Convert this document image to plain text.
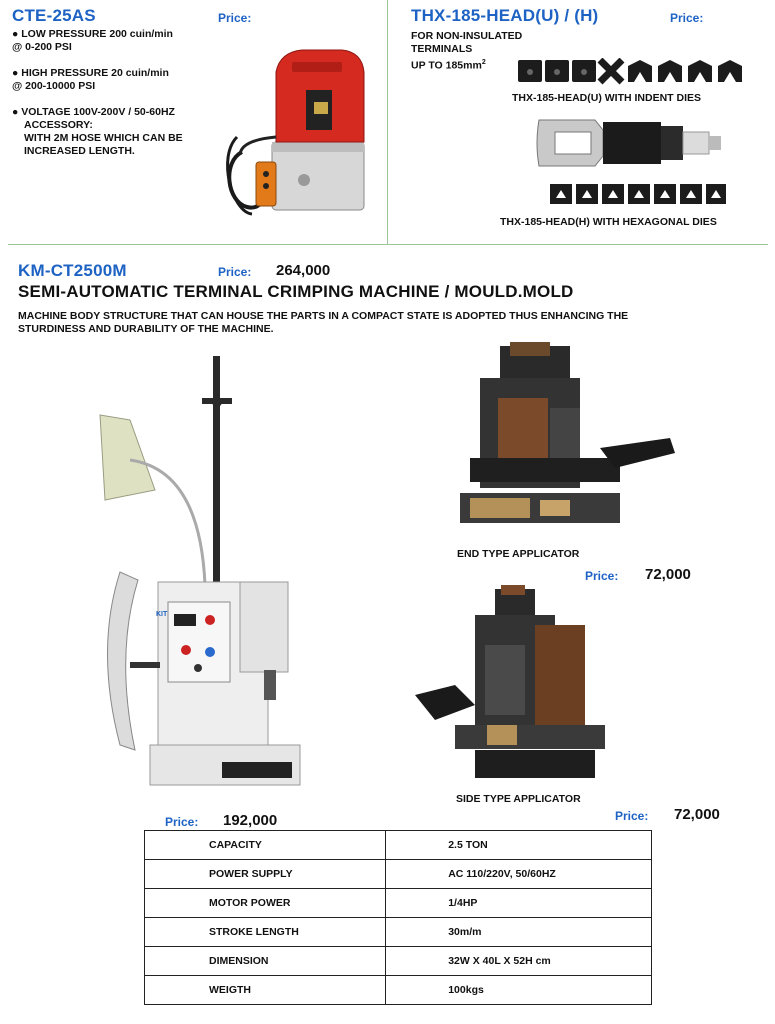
CTE-25AS	Price:
● LOW PRESSURE 200 cuin/min
@ 0-200 PSI
● HIGH PRESSURE 20 cuin/min
@ 200-10000 PSI
● VOLTAGE 100V-200V / 50-60HZ
ACCESSORY:
WITH 2M HOSE WHICH CAN BE
INCREASED LENGTH.
THX-185-HEAD(U) / (H)	Price:
FOR NON-INSULATED
TERMINALS
UP TO $185mm^2$
THX-185-HEAD(U) WITH INDENT DIES
THX-185-HEAD(H) WITH HEXAGONAL DIES
KM-CT2500M	Price: 264,000
SEMI-AUTOMATIC TERMINAL CRIMPING MACHINE / MOULD.MOLD
MACHINE BODY STRUCTURE THAT CAN HOUSE THE PARTS IN A COMPACT STATE IS ADOPTED THUS ENHANCING THE
STURDINESS AND DURABILITY OF THE MACHINE.
KIT
Price: 192,000
END TYPE APPLICATOR
Price: 72,000
SIDE TYPE APPLICATOR
Price: 72,000
CAPACITY	2.5 TON
POWER SUPPLY	AC 110/220V, 50/60HZ
MOTOR POWER	1/4HP
STROKE LENGTH	30m/m
DIMENSION	32W X 40L X 52H cm
WEIGTH	100kgs
